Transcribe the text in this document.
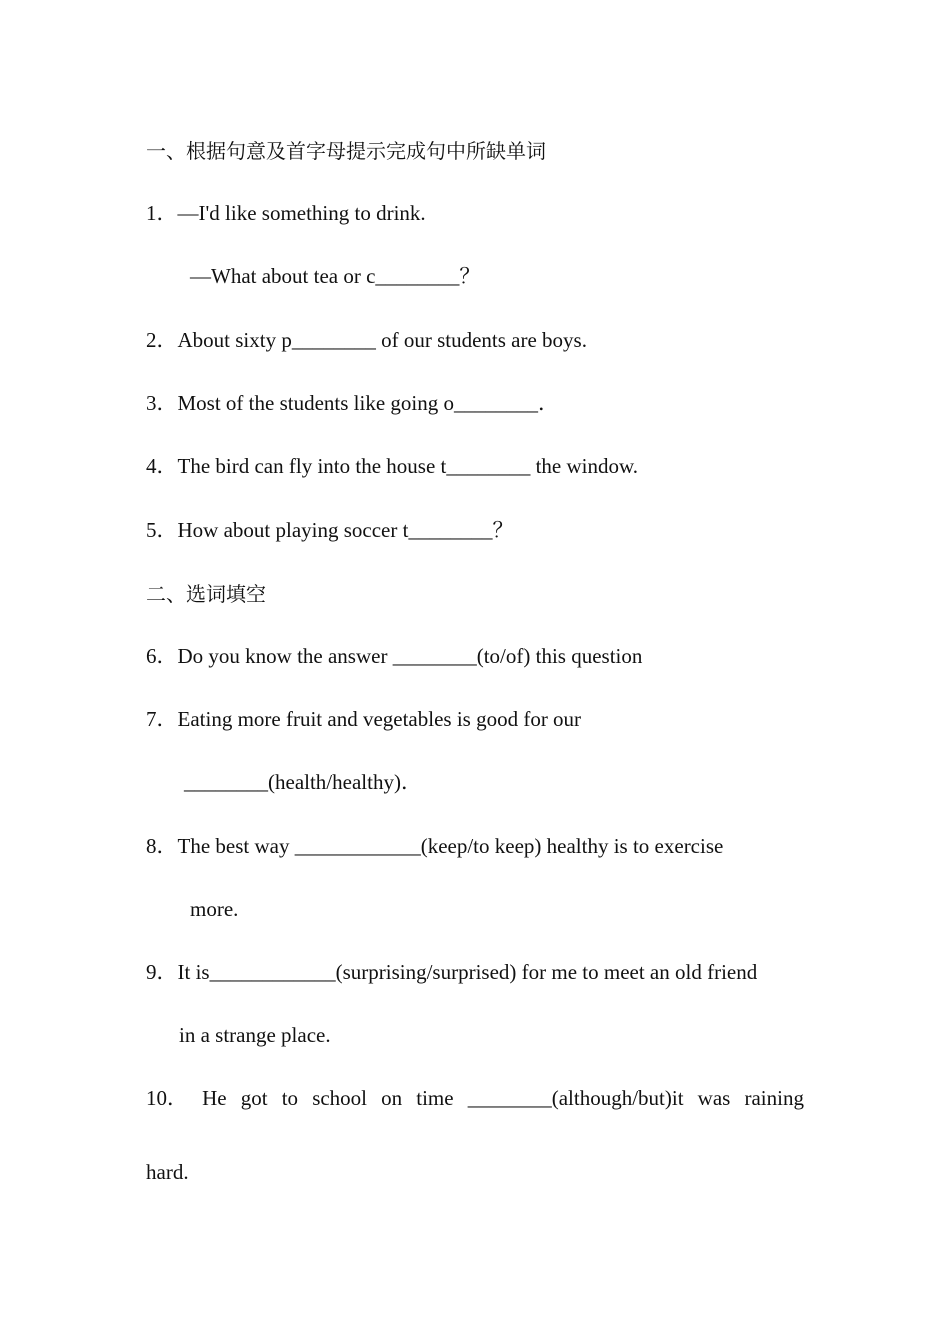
一、根据句意及首字母提示完成句中所缺单词
1．—I'd like something to drink.
—What about tea or c________？
2．About sixty p________ of our students are boys.
3．Most of the students like going o________．
4．The bird can fly into the house t________ the window.
5．How about playing soccer t________？
二、选词填空
6．Do you know the answer ________(to/of) this question
7．Eating more fruit and vegetables is good for our
________(health/healthy)．
8．The best way ____________(keep/to keep) healthy is to exercise
more.
9．It is____________(surprising/surprised) for me to meet an old friend
in a strange place.
10． He got to school on time ________(although/but)it was raining
hard.
